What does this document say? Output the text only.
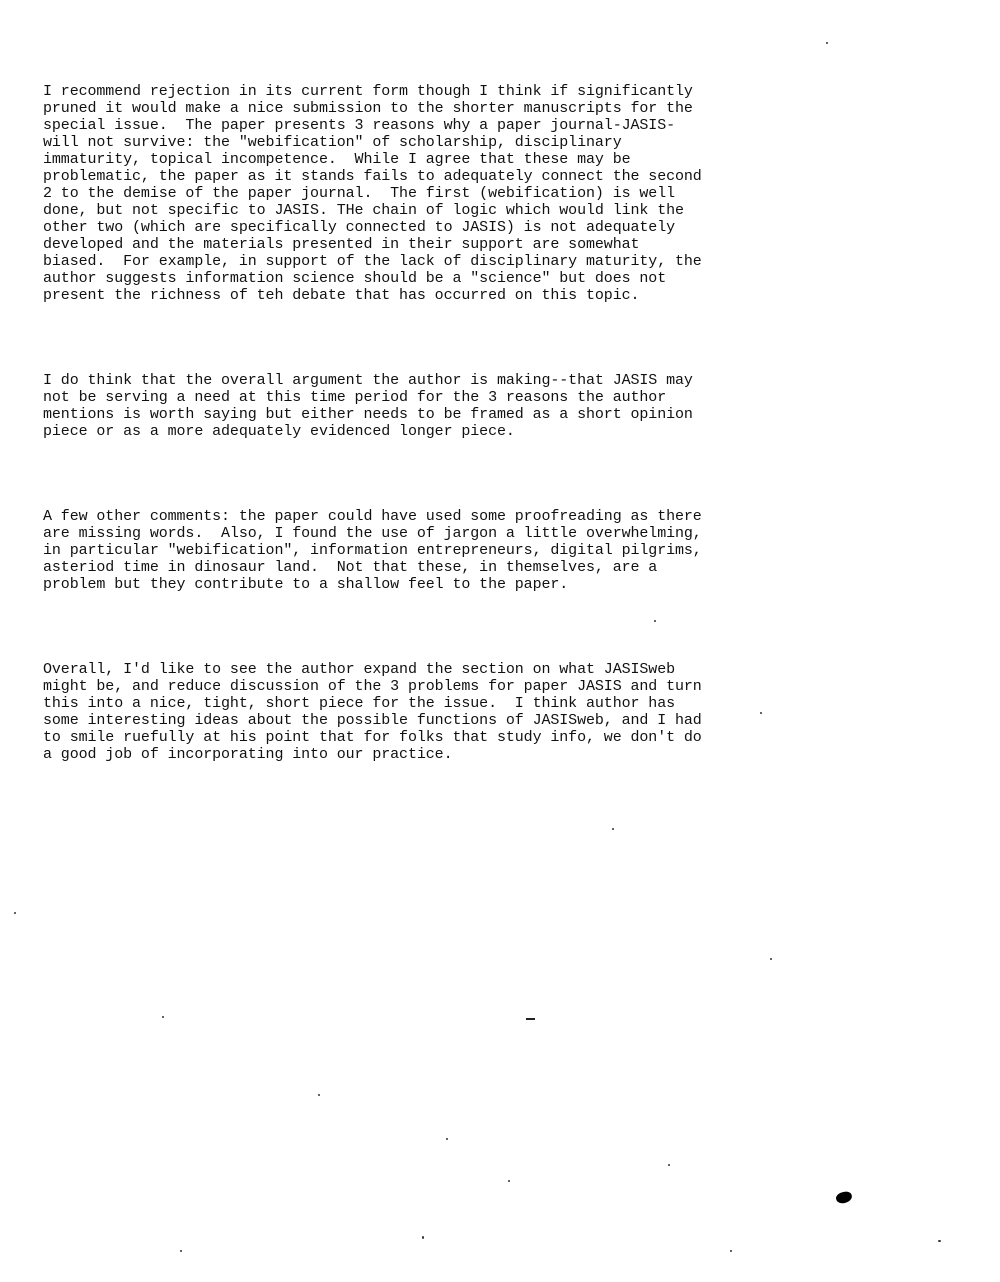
I recommend rejection in its current form though I think if significantly
pruned it would make a nice submission to the shorter manuscripts for the
special issue.  The paper presents 3 reasons why a paper journal-JASIS-
will not survive: the "webification" of scholarship, disciplinary
immaturity, topical incompetence.  While I agree that these may be
problematic, the paper as it stands fails to adequately connect the second
2 to the demise of the paper journal.  The first (webification) is well
done, but not specific to JASIS. THe chain of logic which would link the
other two (which are specifically connected to JASIS) is not adequately
developed and the materials presented in their support are somewhat
biased.  For example, in support of the lack of disciplinary maturity, the
author suggests information science should be a "science" but does not
present the richness of teh debate that has occurred on this topic.

I do think that the overall argument the author is making--that JASIS may
not be serving a need at this time period for the 3 reasons the author
mentions is worth saying but either needs to be framed as a short opinion
piece or as a more adequately evidenced longer piece.

A few other comments: the paper could have used some proofreading as there
are missing words.  Also, I found the use of jargon a little overwhelming,
in particular "webification", information entrepreneurs, digital pilgrims,
asteriod time in dinosaur land.  Not that these, in themselves, are a
problem but they contribute to a shallow feel to the paper.

Overall, I'd like to see the author expand the section on what JASISweb
might be, and reduce discussion of the 3 problems for paper JASIS and turn
this into a nice, tight, short piece for the issue.  I think author has
some interesting ideas about the possible functions of JASISweb, and I had
to smile ruefully at his point that for folks that study info, we don't do
a good job of incorporating into our practice.
